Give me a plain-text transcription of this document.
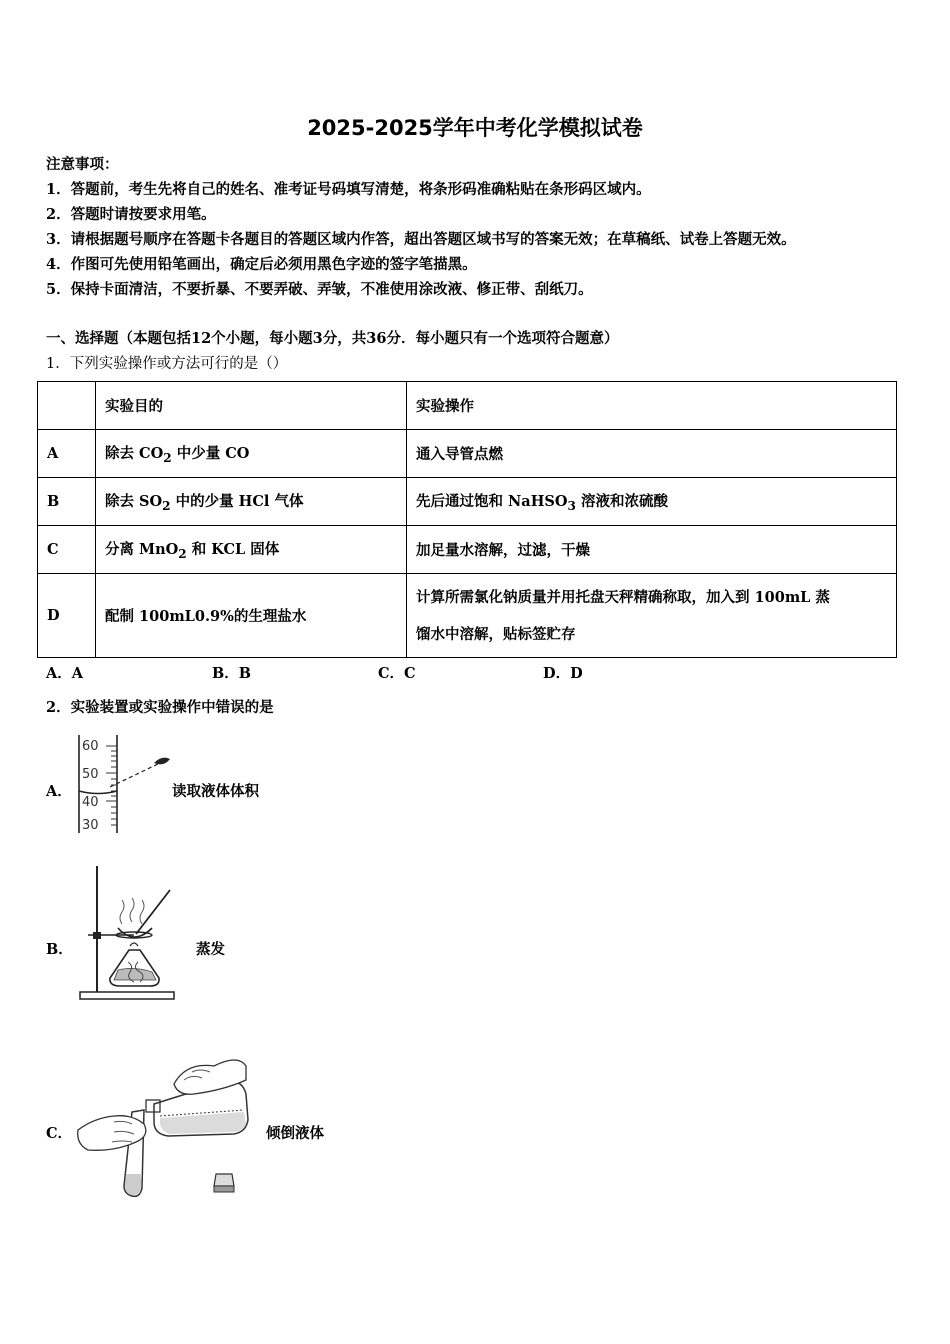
2025-2025学年中考化学模拟试卷
注意事项：
1．答题前，考生先将自己的姓名、准考证号码填写清楚，将条形码准确粘贴在条形码区域内。
2．答题时请按要求用笔。
3．请根据题号顺序在答题卡各题目的答题区域内作答，超出答题区域书写的答案无效；在草稿纸、试卷上答题无效。
4．作图可先使用铅笔画出，确定后必须用黑色字迹的签字笔描黑。
5．保持卡面清洁，不要折暴、不要弄破、弄皱，不准使用涂改液、修正带、刮纸刀。
一、选择题（本题包括12个小题，每小题3分，共36分．每小题只有一个选项符合题意）
1．下列实验操作或方法可行的是（）
	实验目的	实验操作
A	除去 $CO_2$ 中少量 CO	通入导管点燃
B	除去 $SO_2$ 中的少量 HCl 气体	先后通过饱和 NaHSO$_3$ 溶液和浓硫酸
C	分离 MnO$_2$ 和 KCL 固体	加足量水溶解，过滤，干燥
D	配制 100mL0.9%的生理盐水	计算所需氯化钠质量并用托盘天秤精确称取，加入到 100mL 蒸
馏水中溶解，贴标签贮存
A．A	B．B	C．C	D．D
2．实验装置或实验操作中错误的是
A．
60
50
40
30
读取液体体积
B．	蒸发
C．	倾倒液体
